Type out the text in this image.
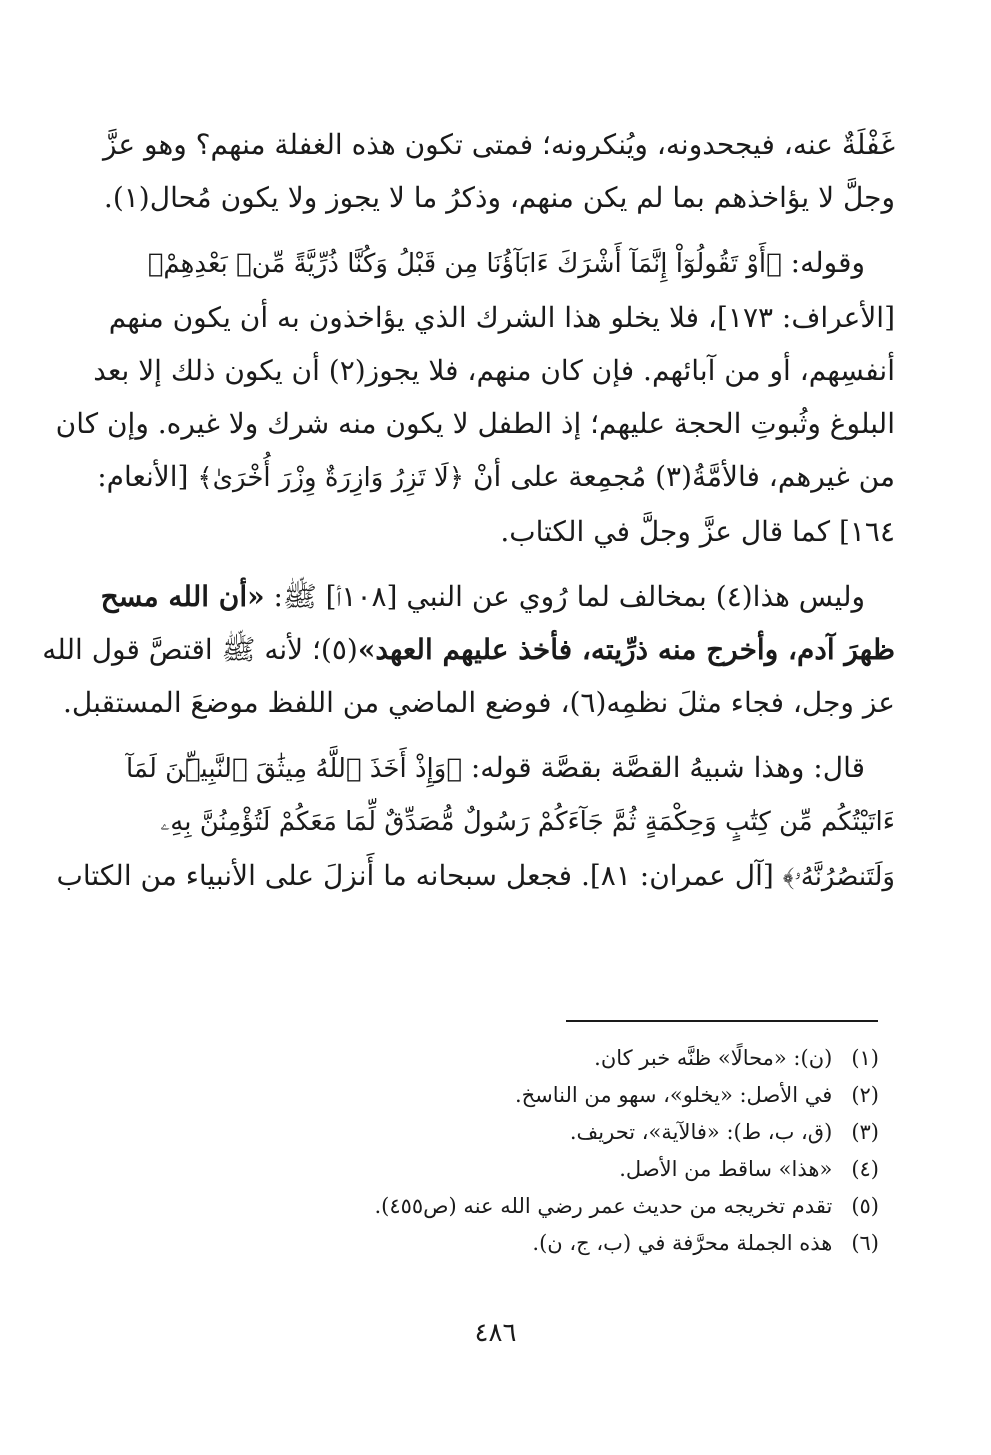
غَفْلَةٌ عنه، فيجحدونه، ويُنكرونه؛ فمتى تكون هذه الغفلة منهم؟ وهو عزَّ
وجلَّ لا يؤاخذهم بما لم يكن منهم، وذكرُ ما لا يجوز ولا يكون مُحال(١).

وقوله: ﴿أَوْ تَقُولُوٓاْ إِنَّمَآ أَشْرَكَ ءَابَآؤُنَا مِن قَبْلُ وَكُنَّا ذُرِّيَّةً مِّنۢ بَعْدِهِمْ﴾
[الأعراف: ١٧٣]، فلا يخلو هذا الشرك الذي يؤاخذون به أن يكون منهم
أنفسِهم، أو من آبائهم. فإن كان منهم، فلا يجوز(٢) أن يكون ذلك إلا بعد
البلوغ وثُبوتِ الحجة عليهم؛ إذ الطفل لا يكون منه شرك ولا غيره. وإن كان
من غيرهم، فالأمَّةُ(٣) مُجمِعة على أنْ ﴿لَا تَزِرُ وَازِرَةٌ وِزْرَ أُخْرَىٰ﴾ [الأنعام:
١٦٤] كما قال عزَّ وجلَّ في الكتاب.

وليس هذا(٤) بمخالف لما رُوي عن النبي [١٠٨أ] ﷺ: «أن الله مسح
ظهرَ آدم، وأخرج منه ذرِّيته، فأخذ عليهم العهد»(٥)؛ لأنه ﷺ اقتصَّ قول الله
عز وجل، فجاء مثلَ نظمِه(٦)، فوضع الماضي من اللفظ موضعَ المستقبل.

قال: وهذا شبيهُ القصَّة بقصَّة قوله: ﴿وَإِذْ أَخَذَ ٱللَّهُ مِيثَٰقَ ٱلنَّبِيِّۧنَ لَمَآ
ءَاتَيْتُكُم مِّن كِتَٰبٍ وَحِكْمَةٍ ثُمَّ جَآءَكُمْ رَسُولٌ مُّصَدِّقٌ لِّمَا مَعَكُمْ لَتُؤْمِنُنَّ بِهِۦ
وَلَتَنصُرُنَّهُۥ﴾ [آل عمران: ٨١]. فجعل سبحانه ما أَنزلَ على الأنبياء من الكتاب

(١) (ن): «محالًا» ظنَّه خبر كان.
(٢) في الأصل: «يخلو»، سهو من الناسخ.
(٣) (ق، ب، ط): «فالآية»، تحريف.
(٤) «هذا» ساقط من الأصل.
(٥) تقدم تخريجه من حديث عمر رضي الله عنه (ص٤٥٥).
(٦) هذه الجملة محرَّفة في (ب، ج، ن).
٤٨٦
